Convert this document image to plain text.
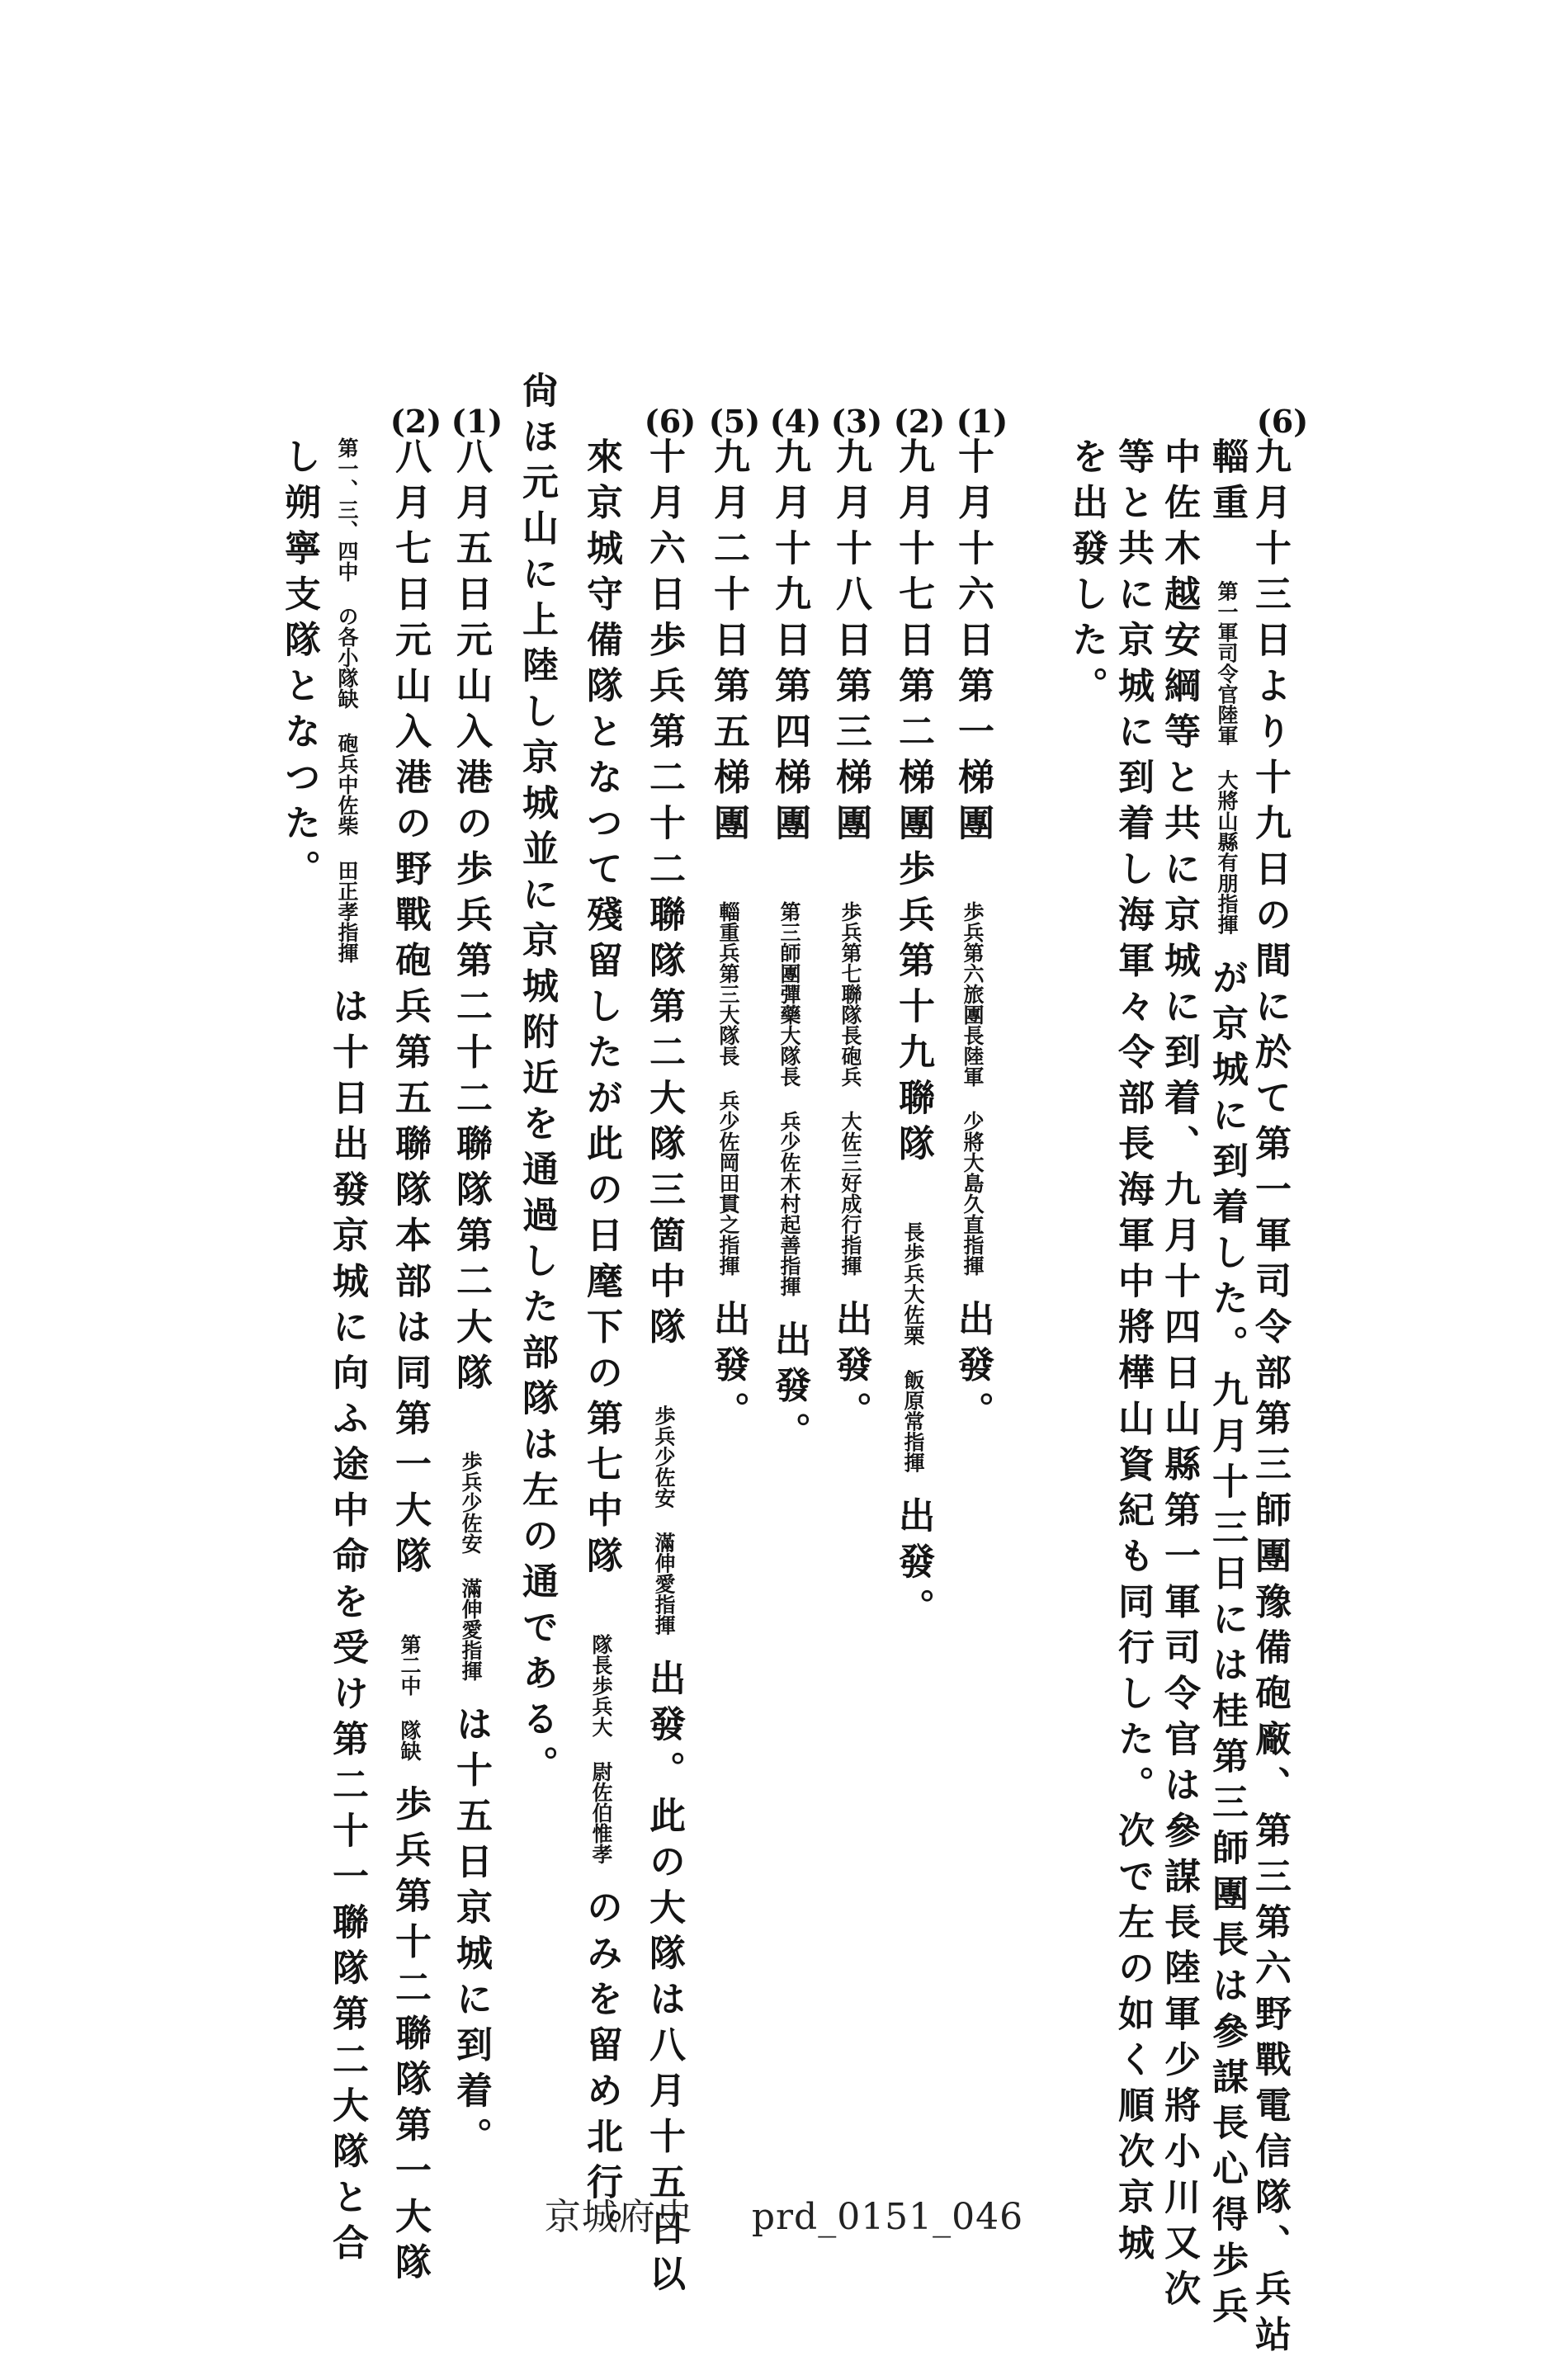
(6)
九月十三日より十九日の間に於て第一軍司令部第三師團豫備砲廠、第三第六野戰電信隊、兵站
輜重 第一軍司令官陸軍 大將山縣有朋指揮 が京城に到着した。九月十三日には桂第三師團長は參謀長心得歩兵
中佐木越安綱等と共に京城に到着、九月十四日山縣第一軍司令官は參謀長陸軍少將小川又次
等と共に京城に到着し海軍々令部長海軍中將樺山資紀も同行した。次で左の如く順次京城
を出發した。
(1)
十月十六日第一梯團 歩兵第六旅團長陸軍 少將大島久直指揮 出發。
(2)
九月十七日第二梯團歩兵第十九聯隊 長歩兵大佐栗 飯原常指揮 出發。
(3)
九月十八日第三梯團 歩兵第七聯隊長砲兵 大佐三好成行指揮 出發。
(4)
九月十九日第四梯團 第三師團彈藥大隊長 兵少佐木村起善指揮 出發。
(5)
九月二十日第五梯團 輜重兵第三大隊長 兵少佐岡田貫之指揮 出發。
(6)
十月六日歩兵第二十二聯隊第二大隊三箇中隊 歩兵少佐安 滿伸愛指揮 出發。此の大隊は八月十五日以
來京城守備隊となつて殘留したが此の日麾下の第七中隊 隊長歩兵大 尉佐伯惟孝 のみを留め北行。
尙ほ元山に上陸し京城並に京城附近を通過した部隊は左の通である。
(1)
八月五日元山入港の歩兵第二十二聯隊第二大隊 歩兵少佐安 滿伸愛指揮 は十五日京城に到着。
(2)
八月七日元山入港の野戰砲兵第五聯隊本部は同第一大隊 第二中 隊缺 歩兵第十二聯隊第一大隊
第一、三、四中 の各小隊缺 砲兵中佐柴 田正孝指揮 は十日出發京城に向ふ途中命を受け第二十一聯隊第二大隊と合
し朔寧支隊となつた。
京城府史 prd_0151_046
